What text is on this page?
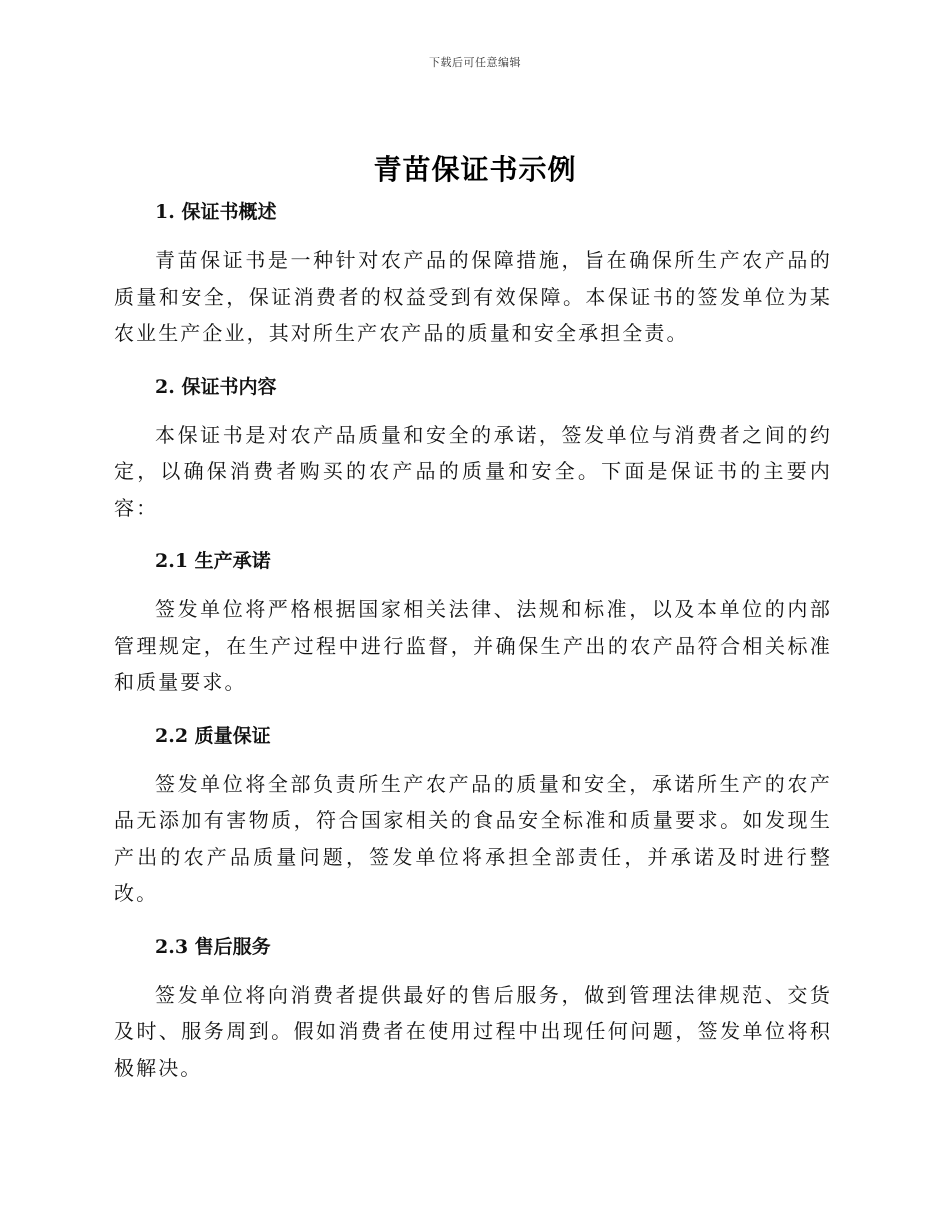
下载后可任意编辑
青苗保证书示例
1. 保证书概述

青苗保证书是一种针对农产品的保障措施，旨在确保所生产农产品的质量和安全，保证消费者的权益受到有效保障。本保证书的签发单位为某农业生产企业，其对所生产农产品的质量和安全承担全责。

2. 保证书内容

本保证书是对农产品质量和安全的承诺，签发单位与消费者之间的约定，以确保消费者购买的农产品的质量和安全。下面是保证书的主要内容：

2.1 生产承诺

签发单位将严格根据国家相关法律、法规和标准，以及本单位的内部管理规定，在生产过程中进行监督，并确保生产出的农产品符合相关标准和质量要求。

2.2 质量保证

签发单位将全部负责所生产农产品的质量和安全，承诺所生产的农产品无添加有害物质，符合国家相关的食品安全标准和质量要求。如发现生产出的农产品质量问题，签发单位将承担全部责任，并承诺及时进行整改。

2.3 售后服务

签发单位将向消费者提供最好的售后服务，做到管理法律规范、交货及时、服务周到。假如消费者在使用过程中出现任何问题，签发单位将积极解决。
